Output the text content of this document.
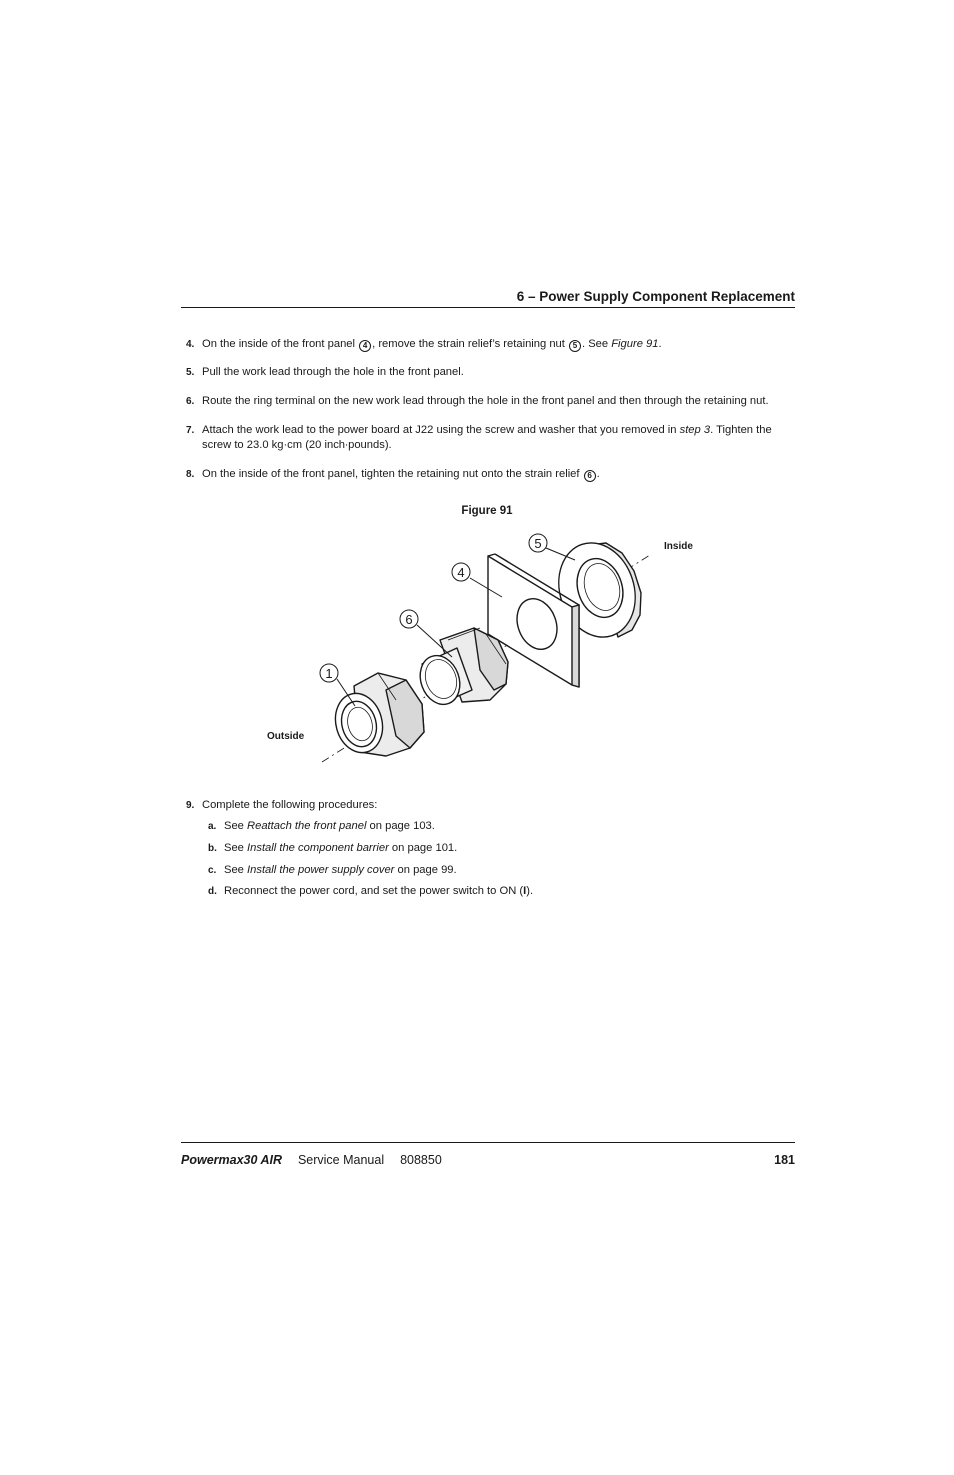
6 – Power Supply Component Replacement
4. On the inside of the front panel 4 , remove the strain relief’s retaining nut 5 . See Figure 91.
5. Pull the work lead through the hole in the front panel.
6. Route the ring terminal on the new work lead through the hole in the front panel and then through the retaining nut.
7. Attach the work lead to the power board at J22 using the screw and washer that you removed in step 3. Tighten the screw to 23.0 kg·cm (20 inch∙pounds).
8. On the inside of the front panel, tighten the retaining nut onto the strain relief 6 .
Figure 91
1
6
4
5	Inside
Outside
9. Complete the following procedures:
a. See Reattach the front panel on page 103.
b. See Install the component barrier on page 101.
c. See Install the power supply cover on page 99.
d. Reconnect the power cord, and set the power switch to ON (I).
Powermax30 AIR Service Manual 808850	181
